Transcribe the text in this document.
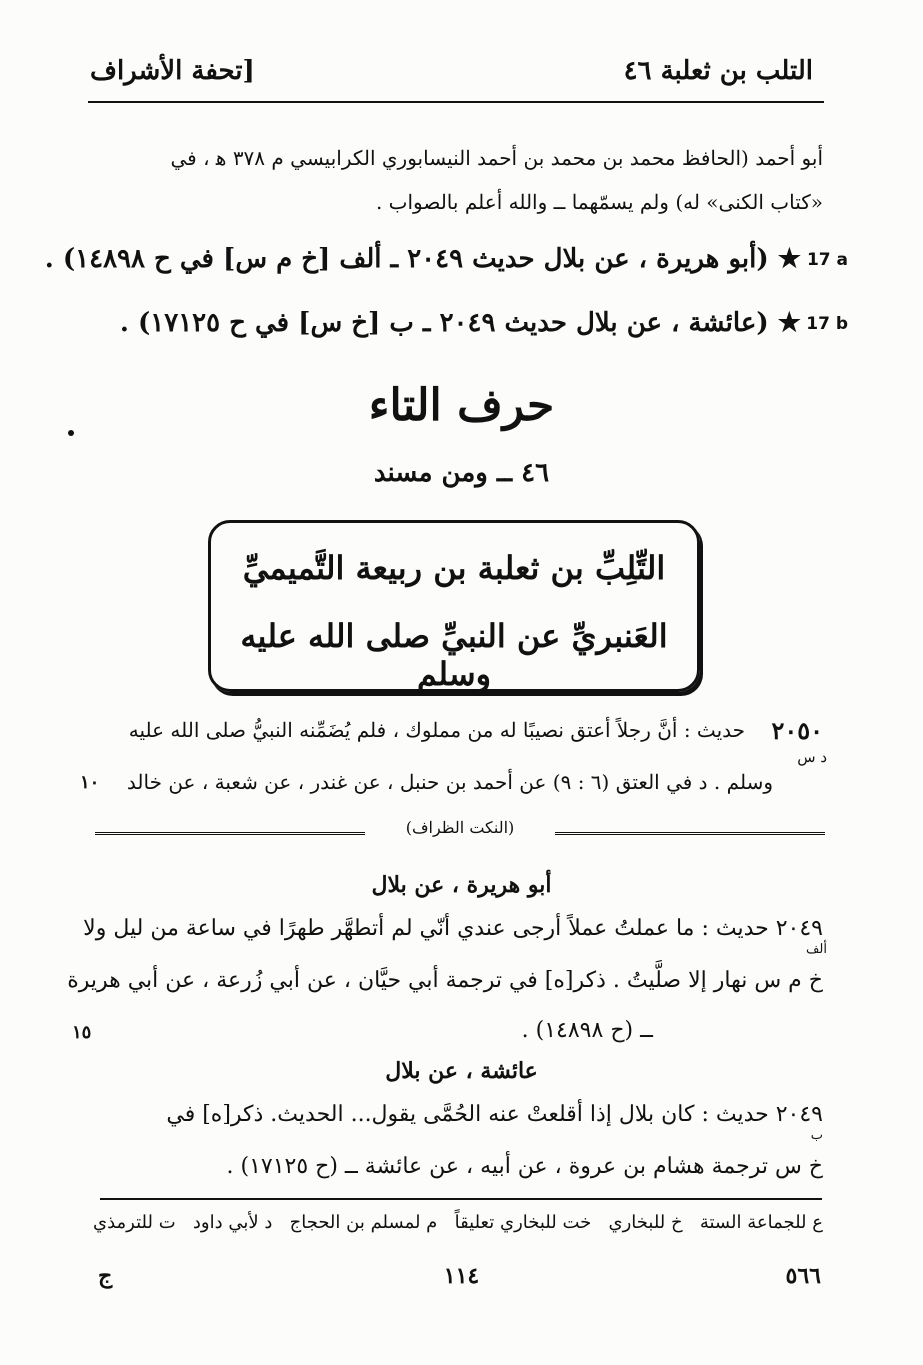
التلب بن ثعلبة ٤٦
[تحفة الأشراف
أبو أحمد (الحافظ محمد بن محمد بن أحمد النيسابوري الكرابيسي م ٣٧٨ ﻫ ، في
«كتاب الكنى» له) ولم يسمّهما ــ والله أعلم بالصواب .
17 a
★ (أبو هريرة ، عن بلال حديث ٢٠٤٩ ـ ألف [خ م س] في ح ١٤٨٩٨) .
17 b
★ (عائشة ، عن بلال حديث ٢٠٤٩ ـ ب [خ س] في ح ١٧١٢٥) .
حرف التاء
٤٦ ــ ومن مسند
التِّلِبِّ بن ثعلبة بن ربيعة التَّميميِّ
العَنبريِّ عن النبيِّ صلى الله عليه وسلم
٢٠٥٠
حديث : أنَّ رجلاً أعتق نصيبًا له من مملوك ، فلم يُضَمِّنه النبيُّ صلى الله عليه
د س
وسلم . د في العتق (٦ : ٩) عن أحمد بن حنبل ، عن غندر ، عن شعبة ، عن خالد
١٠
(النكت الظراف)
أبو هريرة ، عن بلال
٢٠٤٩ حديث : ما عملتُ عملاً أرجى عندي أنّي لم أتطهَّر طهرًا في ساعة من ليل ولا
ألف
خ م س نهار إلا صلَّيتُ . ذكر[ه] في ترجمة أبي حيَّان ، عن أبي زُرعة ، عن أبي هريرة
ــ (ح ١٤٨٩٨) .
١٥
عائشة ، عن بلال
٢٠٤٩ حديث : كان بلال إذا أقلعتْ عنه الحُمَّى يقول... الحديث. ذكر[ه] في
ب
خ س ترجمة هشام بن عروة ، عن أبيه ، عن عائشة ــ (ح ١٧١٢٥) .
ع للجماعة الستة
خ للبخاري
خت للبخاري تعليقاً
م لمسلم بن الحجاج
د لأبي داود
ت للترمذي
٥٦٦
١١٤
ج
